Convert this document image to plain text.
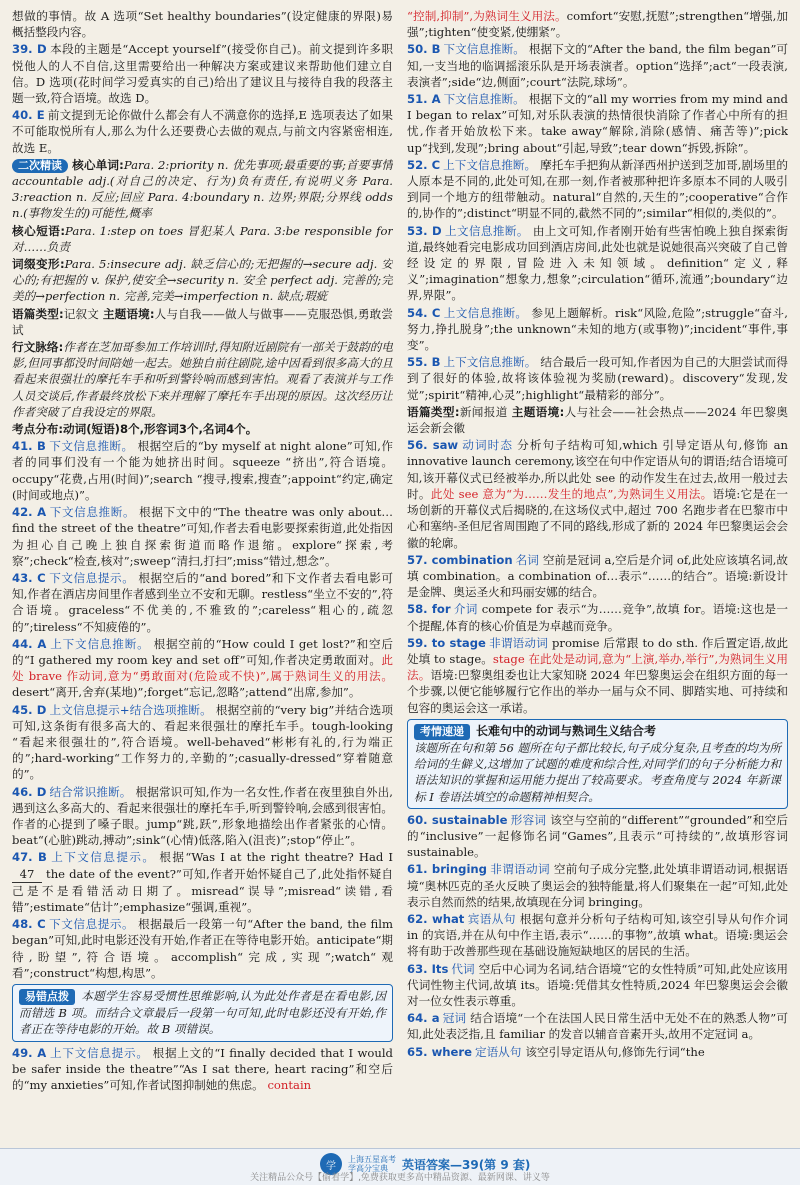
想做的事情。故 A 选项“Set healthy boundaries”(设定健康的界限)易概括整段内容。

39. D 本段的主题是“Accept yourself”(接受你自己)。前文提到许多职悦他人的人不自信,这里需要给出一种解决方案或建议来帮助他们建立自信。D 选项(花时间学习爱真实的自己)给出了建议且与接待自我的段落主题一致,符合语境。故选 D。

40. E 前文提到无论你做什么都会有人不满意你的选择,E 选项表达了如果不可能取悦所有人,那么为什么还要费心去做的观点,与前文内容紧密相连,故选 E。

二次精读 核心单词:Para. 2:priority n. 优先事项;最重要的事;首要事情 accountable adj.(对自己的决定、行为)负有责任,有说明义务 Para. 3:reaction n. 反应;回应 Para. 4:boundary n. 边界;界限;分界线 odds n.(事物发生的)可能性,概率

核心短语:Para. 1:step on toes 冒犯某人 Para. 3:be responsible for 对……负责

词缀变形:Para. 5:insecure adj. 缺乏信心的;无把握的→secure adj. 安心的;有把握的 v. 保护,使安全→security n. 安全 perfect adj. 完善的;完美的→perfection n. 完善,完美→imperfection n. 缺点;瑕疵

语篇类型:记叙文 主题语境:人与自我——做人与做事——克服恐惧,勇敢尝试

行文脉络:作者在芝加哥参加工作培训时,得知附近剧院有一部关于鼓韵的电影,但同事都没时间陪她一起去。她独自前往剧院,途中因看到很多高大的且看起来很强壮的摩托车手和听到警铃响而感到害怕。观看了表演并与工作人员交谈后,作者最终放松下来并理解了摩托车手出现的原因。这次经历让作者突破了自我设定的界限。

考点分布:动词(短语)8个,形容词3个,名词4个。

41. B 下文信息推断。 根据空后的“by myself at night alone”可知,作者的同事们没有一个能为她挤出时间。squeeze “挤出”,符合语境。occupy“花费,占用(时间)”;search “搜寻,搜索,搜查”;appoint“约定,确定(时间或地点)”。

42. A 下文信息推断。 根据下文中的“The theatre was only about…find the street of the theatre”可知,作者去看电影要探索街道,此处指因为担心自己晚上独自探索街道而略作退缩。explore“探索,考察”;check“检查,核对”;sweep“清扫,打扫”;miss“错过,想念”。

43. C 下文信息提示。 根据空后的“and bored”和下文作者去看电影可知,作者在酒店房间里作者感到坐立不安和无聊。restless“坐立不安的”,符合语境。graceless“不优美的,不雅致的”;careless“粗心的,疏忽的”;tireless“不知疲倦的”。

44. A 上下文信息推断。 根据空前的“How could I get lost?”和空后的“I gathered my room key and set off”可知,作者决定勇敢面对。此处 brave 作动词,意为“勇敢面对(危险或不快)”,属于熟词生义的用法。desert“离开,舍弃(某地)”;forget“忘记,忽略”;attend“出席,参加”。

45. D 上文信息提示+结合选项推断。 根据空前的“very big”并结合选项可知,这条街有很多高大的、看起来很强壮的摩托车手。tough-looking “看起来很强壮的”,符合语境。well-behaved“彬彬有礼的,行为端正的”;hard-working“工作努力的,辛勤的”;casually-dressed“穿着随意的”。

46. D 结合常识推断。 根据常识可知,作为一名女性,作者在夜里独自外出,遇到这么多高大的、看起来很强壮的摩托车手,听到警铃响,会感到很害怕。作者的心提到了嗓子眼。jump“跳,跃”,形象地描绘出作者紧张的心情。beat“(心脏)跳动,搏动”;sink“(心情)低落,陷入(沮丧)”;stop“停止”。

47. B 上下文信息提示。 根据“Was I at the right theatre? Had I 47 the date of the event?”可知,作者开始怀疑自己了,此处指怀疑自己是不是看错活动日期了。misread“误导”;misread“读错,看错”;estimate“估计”;emphasize“强调,重视”。

48. C 下文信息提示。 根据最后一段第一句“After the band, the film began”可知,此时电影还没有开始,作者正在等待电影开始。anticipate“期待,盼望”,符合语境。accomplish“完成,实现”;watch“观看”;construct“构想,构思”。

易错点拨 本题学生容易受惯性思维影响,认为此处作者是在看电影,因而错选 B 项。而结合文章最后一段第一句可知,此时电影还没有开始,作者正在等待电影的开始。故 B 项错误。

49. A 上下文信息提示。 根据上文的“I finally decided that I would be safer inside the theatre”“As I sat there, heart racing”和空后的“my anxieties”可知,作者试图抑制她的焦虑。 contain

“控制,抑制”,为熟词生义用法。comfort“安慰,抚慰”;strengthen“增强,加强”;tighten“使变紧,使绷紧”。

50. B 下文信息推断。 根据下文的“After the band, the film began”可知,一支当地的临调摇滚乐队是开场表演者。option“选择”;act“一段表演,表演者”;side“边,侧面”;court“法院,球场”。

51. A 下文信息推断。 根据下文的“all my worries from my mind and I began to relax”可知,对乐队表演的热情很快消除了作者心中所有的担忧,作者开始放松下来。take away“解除,消除(感情、痛苦等)”;pick up“找到,发现”;bring about“引起,导致”;tear down“拆毁,拆除”。

52. C 上下文信息推断。 摩托车手把狗从新泽西州护送到芝加哥,剧场里的人原本是不同的,此处可知,在那一刻,作者被那种把许多原本不同的人吸引到同一个地方的纽带触动。natural“自然的,天生的”;cooperative“合作的,协作的”;distinct“明显不同的,截然不同的”;similar“相似的,类似的”。

53. D 上文信息推断。 由上文可知,作者刚开始有些害怕晚上独自探索街道,最终她看完电影成功回到酒店房间,此处也就是说她很高兴突破了自己曾经设定的界限,冒险进入未知领域。definition“定义,释义”;imagination“想象力,想象”;circulation“循环,流通”;boundary“边界,界限”。

54. C 上文信息推断。 参见上题解析。risk“风险,危险”;struggle“奋斗,努力,挣扎脱身”;the unknown“未知的地方(或事物)”;incident“事件,事变”。

55. B 上下文信息推断。 结合最后一段可知,作者因为自己的大胆尝试而得到了很好的体验,故将该体验视为奖励(reward)。discovery“发现,发觉”;spirit“精神,心灵”;highlight“最精彩的部分”。

语篇类型:新闻报道 主题语境:人与社会——社会热点——2024 年巴黎奥运会新会徽

56. saw 动词时态 分析句子结构可知,which 引导定语从句,修饰 an innovative launch ceremony,该空在句中作定语从句的谓语;结合语境可知,该开幕仪式已经被举办,所以此处 see 的动作发生在过去,故用一般过去时。此处 see 意为“为……发生的地点”,为熟词生义用法。语境:它是在一场创新的开幕仪式后揭晓的,在这场仪式中,超过 700 名跑步者在巴黎市中心和塞纳-圣但尼省周围跑了不同的路线,形成了新的 2024 年巴黎奥运会会徽的轮廓。

57. combination 名词 空前是冠词 a,空后是介词 of,此处应该填名词,故填 combination。a combination of…表示“……的结合”。语境:新设计是金牌、奥运圣火和玛丽安娜的结合。

58. for 介词 compete for 表示“为……竞争”,故填 for。语境:这也是一个提醒,体育的核心价值是为卓越而竞争。

59. to stage 非谓语动词 promise 后常跟 to do sth. 作后置定语,故此处填 to stage。stage 在此处是动词,意为“上演,举办,举行”,为熟词生义用法。语境:巴黎奥组委也让大家知晓 2024 年巴黎奥运会在组织方面的每一个步骤,以便它能够履行它作出的举办一届与众不同、脚踏实地、可持续和包容的奥运会这一承诺。

考情速递 长难句中的动词与熟词生义结合考
该题所在句和第 56 题所在句子都比较长,句子成分复杂,且考查的均为所给词的生僻义,这增加了试题的难度和综合性,对同学们的句子分析能力和语法知识的掌握和运用能力提出了较高要求。考查角度与 2024 年新课标 I 卷语法填空的命题精神相契合。

60. sustainable 形容词 该空与空前的“different”“grounded”和空后的“inclusive”一起修饰名词“Games”,且表示“可持续的”,故填形容词 sustainable。

61. bringing 非谓语动词 空前句子成分完整,此处填非谓语动词,根据语境“奥林匹克的圣火反映了奥运会的独特能量,将人们聚集在一起”可知,此处表示自然而然的结果,故填现在分词 bringing。

62. what 宾语从句 根据句意并分析句子结构可知,该空引导从句作介词 in 的宾语,并在从句中作主语,表示“……的事物”,故填 what。语境:奥运会将有助于改善那些现在基础设施短缺地区的居民的生活。

63. Its 代词 空后中心词为名词,结合语境“它的女性特质”可知,此处应该用代词性物主代词,故填 its。语境:凭借其女性特质,2024 年巴黎奥运会会徽对一位女性表示尊重。

64. a 冠词 结合语境“一个在法国人民日常生活中无处不在的熟悉人物”可知,此处表泛指,且 familiar 的发音以辅音音素开头,故用不定冠词 a。

65. where 定语从句 该空引导定语从句,修饰先行词“the

学
上海五星高考
学高分宝典	英语答案—39(第 9 套)
关注精品公众号【偷着学】,免费获取更多高中精品资源、最新网课、讲义等
